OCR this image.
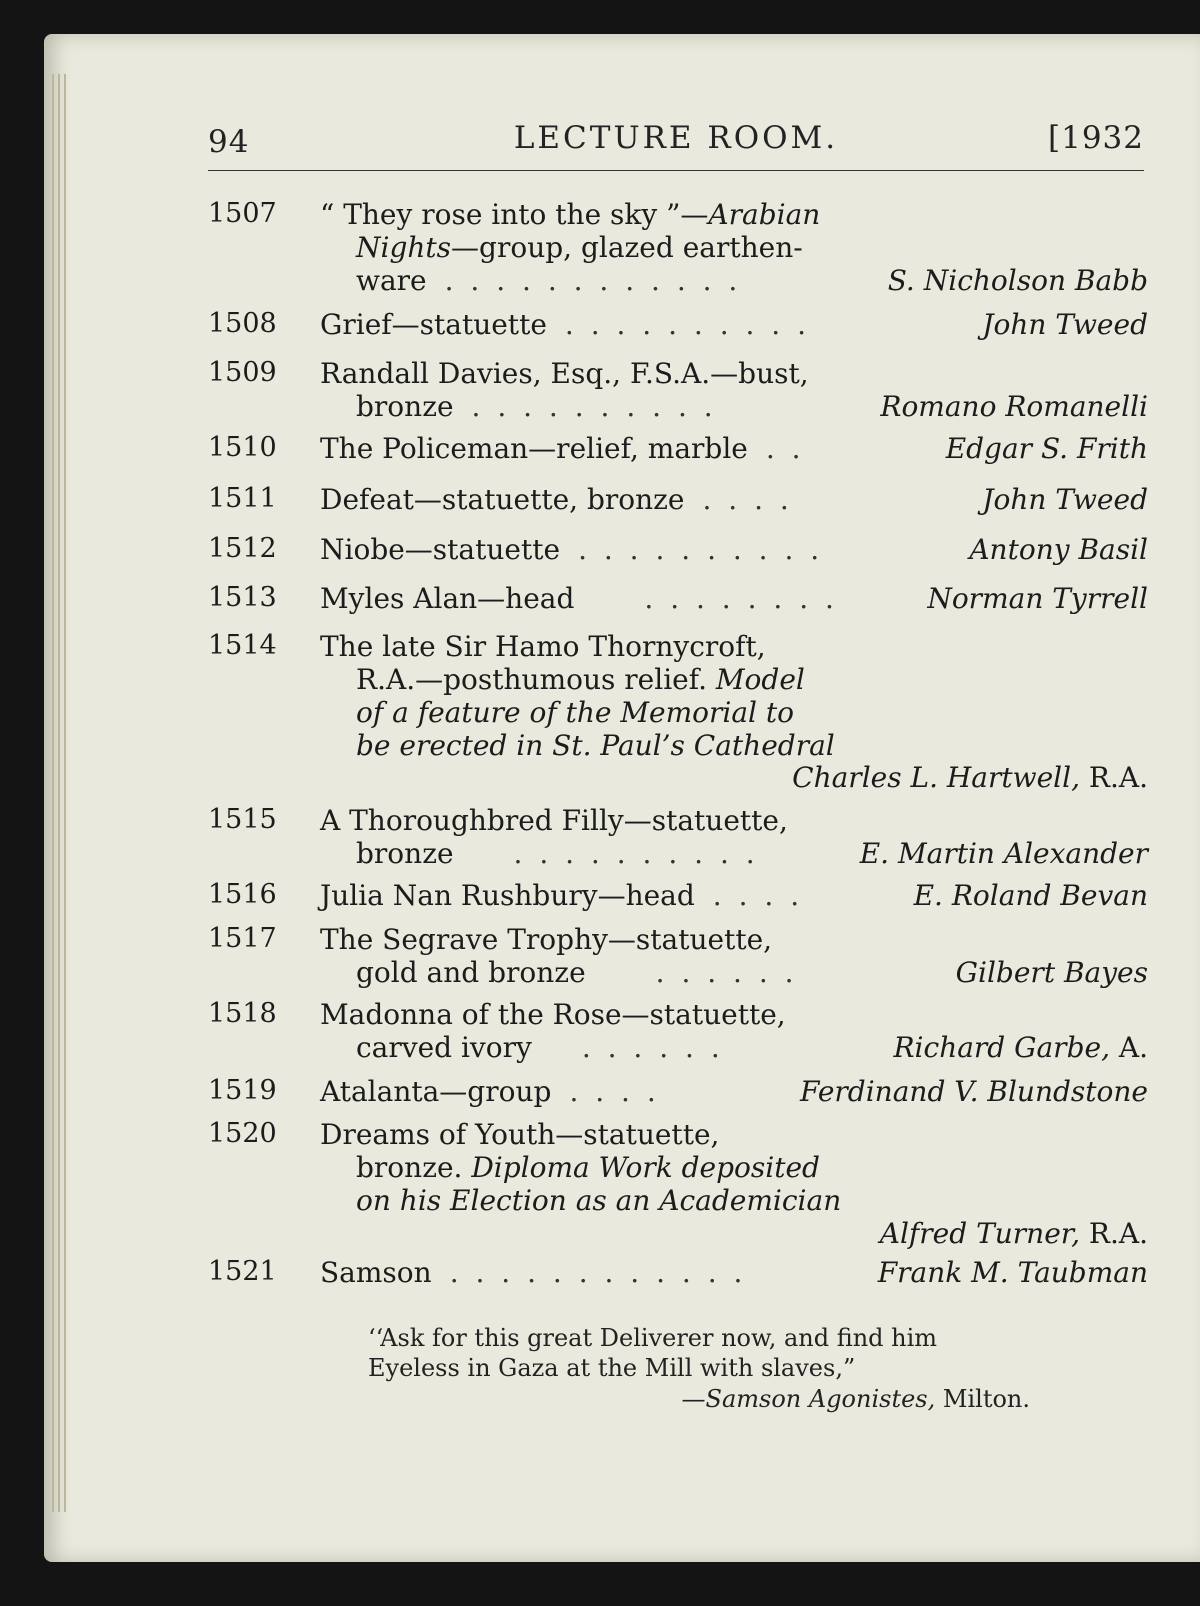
94	LECTURE ROOM.	[1932
1507 “ They rose into the sky ”—Arabian
Nights—group, glazed earthen-
ware . . . . . . . . . . . .	S. Nicholson Babb
1508 Grief—statuette . . . . . . . . . .	John Tweed
1509 Randall Davies, Esq., F.S.A.—bust,
bronze . . . . . . . . . .	Romano Romanelli
1510 The Policeman—relief, marble . .	Edgar S. Frith
1511 Defeat—statuette, bronze . . . .	John Tweed
1512 Niobe—statuette . . . . . . . . . .	Antony Basil
1513 Myles Alan—head	. . . . . . . .	Norman Tyrrell
1514 The late Sir Hamo Thornycroft,
R.A.—posthumous relief. Model
of a feature of the Memorial to
be erected in St. Paul’s Cathedral
Charles L. Hartwell, R.A.
1515 A Thoroughbred Filly—statuette,
bronze . . . . . . . . . .	E. Martin Alexander
1516 Julia Nan Rushbury—head . . . .	E. Roland Bevan
1517 The Segrave Trophy—statuette,
gold and bronze	. . . . . .	Gilbert Bayes
1518 Madonna of the Rose—statuette,
carved ivory . . . . . .	Richard Garbe, A.
1519 Atalanta—group . . . .	Ferdinand V. Blundstone
1520 Dreams of Youth—statuette,
bronze. Diploma Work deposited
on his Election as an Academician
Alfred Turner, R.A.
1521 Samson . . . . . . . . . . . .	Frank M. Taubman
‘‘Ask for this great Deliverer now, and find him
Eyeless in Gaza at the Mill with slaves,”
—Samson Agonistes, Milton.
